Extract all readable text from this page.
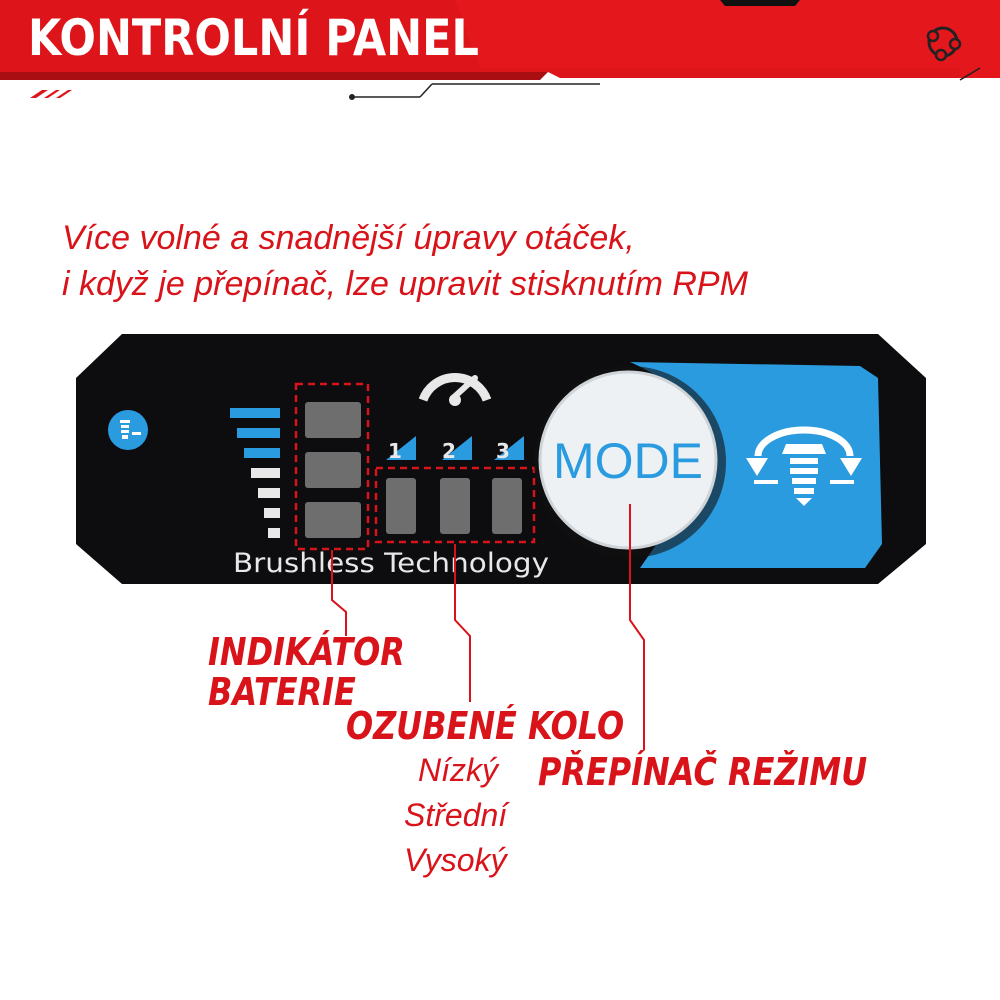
KONTROLNÍ PANEL

Více volné a snadnější úpravy otáček,

i když je přepínač, lze upravit stisknutím RPM

1 2 3 MODE
Brushless Technology

INDIKÁTOR

BATERIE

OZUBENÉ KOLO

Nízký

Střední

Vysoký

PŘEPÍNAČ REŽIMU
